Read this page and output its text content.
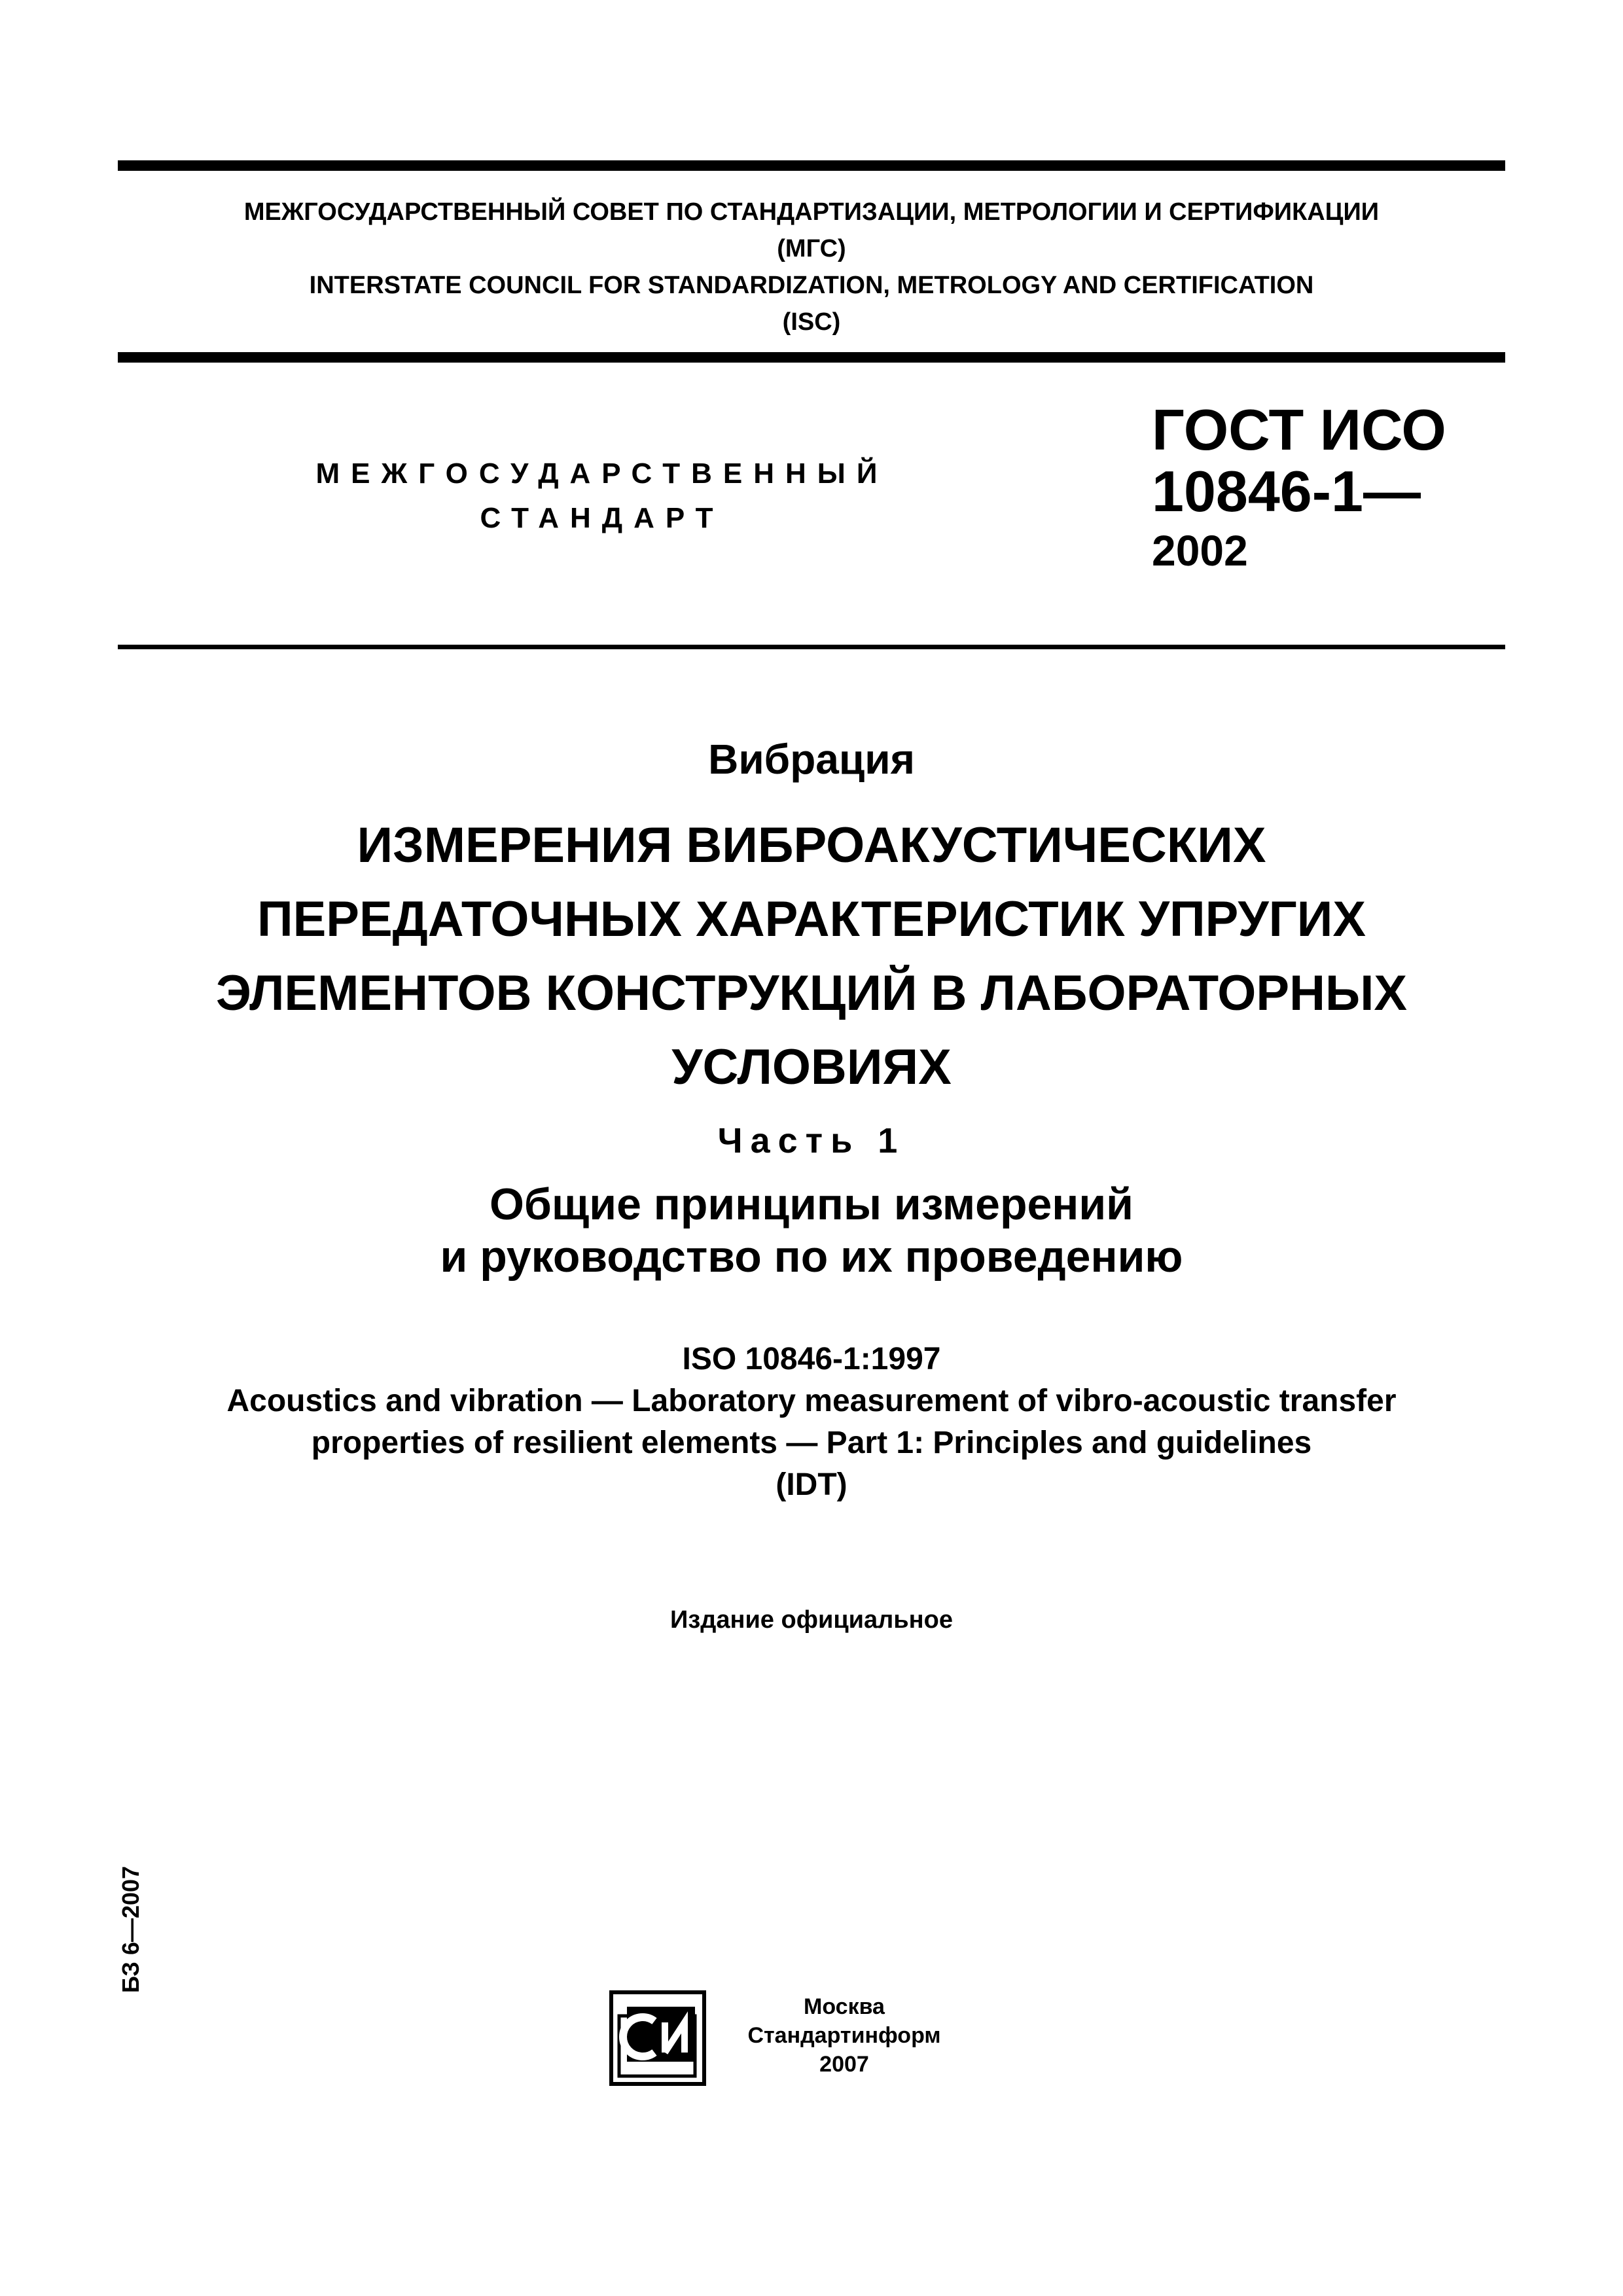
МЕЖГОСУДАРСТВЕННЫЙ СОВЕТ ПО СТАНДАРТИЗАЦИИ, МЕТРОЛОГИИ И СЕРТИФИКАЦИИ
(МГС)
INTERSTATE COUNCIL FOR STANDARDIZATION, METROLOGY AND CERTIFICATION
(ISC)
МЕЖГОСУДАРСТВЕННЫЙ
СТАНДАРТ
ГОСТ ИСО
10846-1—
2002
Вибрация
ИЗМЕРЕНИЯ ВИБРОАКУСТИЧЕСКИХ
ПЕРЕДАТОЧНЫХ ХАРАКТЕРИСТИК УПРУГИХ
ЭЛЕМЕНТОВ КОНСТРУКЦИЙ В ЛАБОРАТОРНЫХ
УСЛОВИЯХ
Часть 1
Общие принципы измерений
и руководство по их проведению
ISO 10846-1:1997
Acoustics and vibration — Laboratory measurement of vibro-acoustic transfer
properties of resilient elements — Part 1: Principles and guidelines
(IDT)
Издание официальное
БЗ 6—2007
Москва
Стандартинформ
2007
